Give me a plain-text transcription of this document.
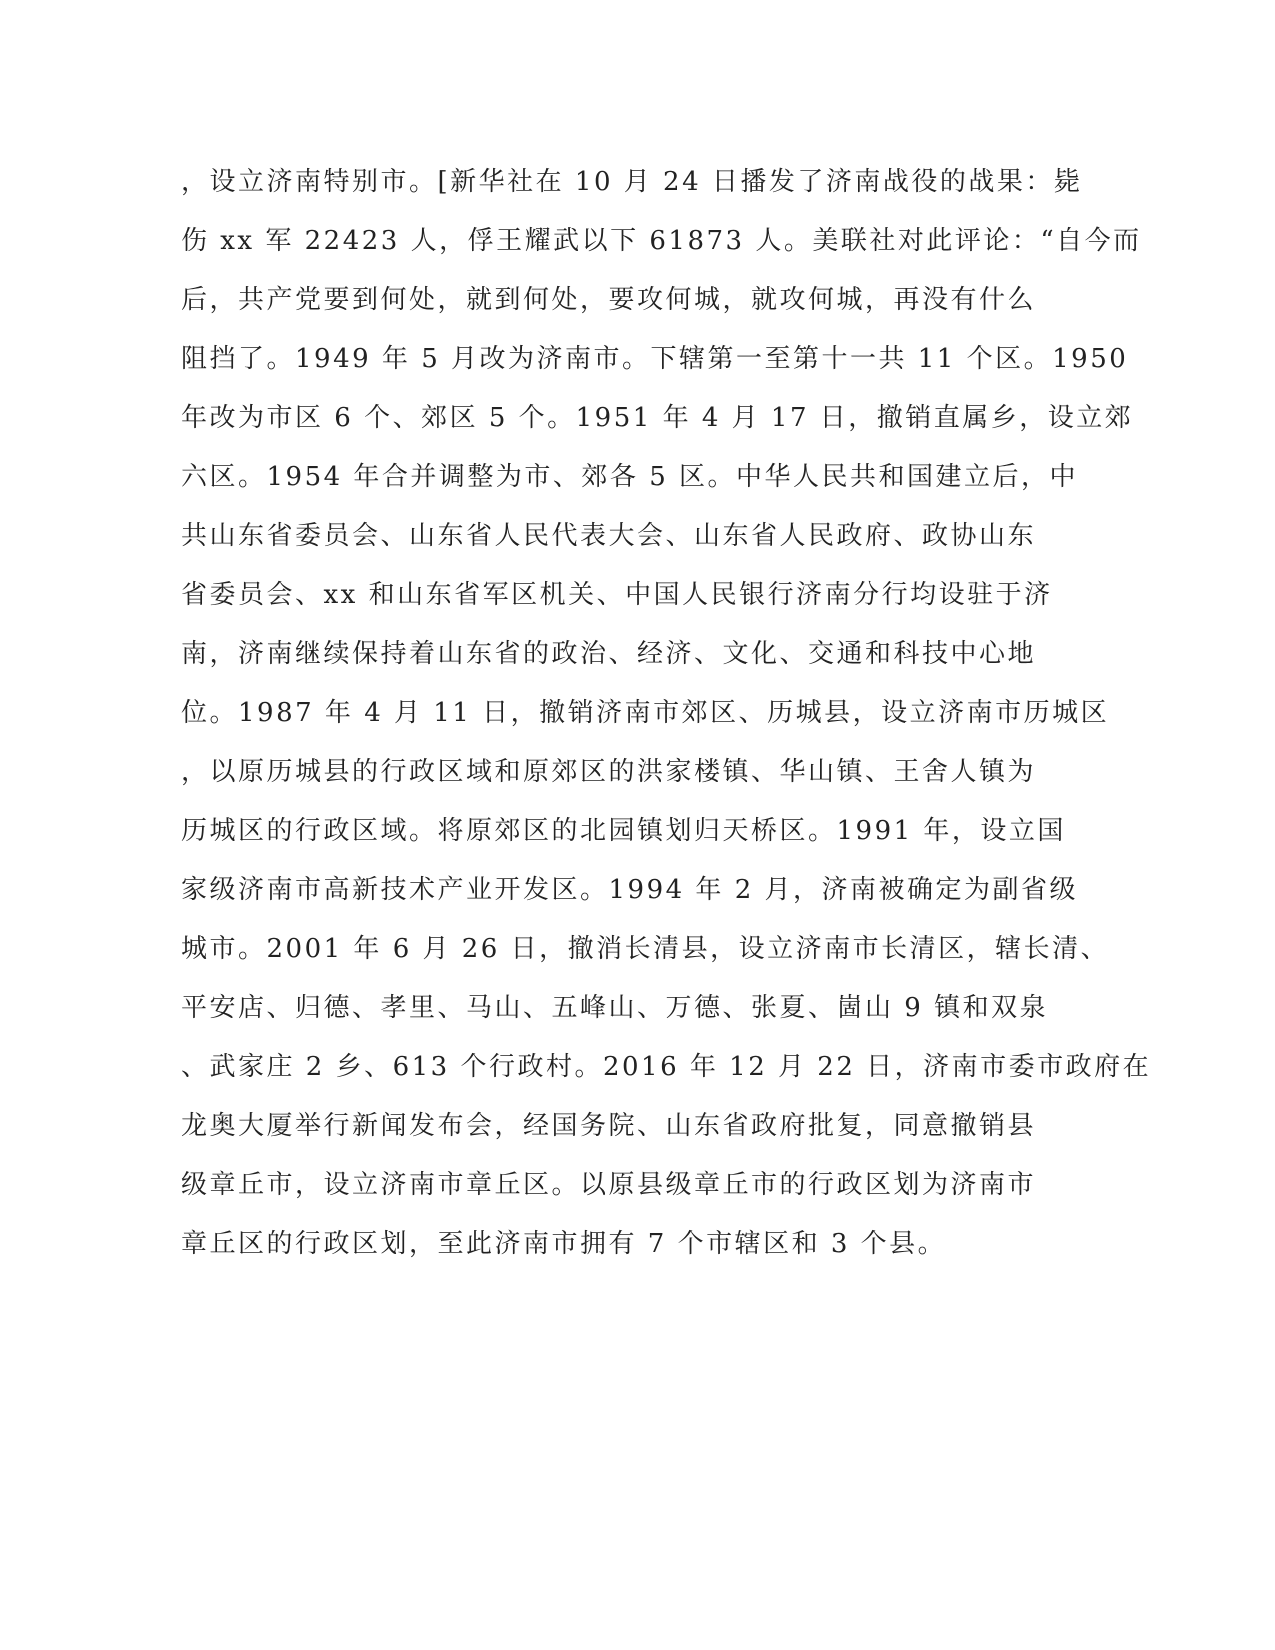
，设立济南特别市。[新华社在 10 月 24 日播发了济南战役的战果：毙
伤 xx 军 22423 人，俘王耀武以下 61873 人。美联社对此评论：“自今而
后，共产党要到何处，就到何处，要攻何城，就攻何城，再没有什么
阻挡了。1949 年 5 月改为济南市。下辖第一至第十一共 11 个区。1950
年改为市区 6 个、郊区 5 个。1951 年 4 月 17 日，撤销直属乡，设立郊
六区。1954 年合并调整为市、郊各 5 区。中华人民共和国建立后，中
共山东省委员会、山东省人民代表大会、山东省人民政府、政协山东
省委员会、xx 和山东省军区机关、中国人民银行济南分行均设驻于济
南，济南继续保持着山东省的政治、经济、文化、交通和科技中心地
位。1987 年 4 月 11 日，撤销济南市郊区、历城县，设立济南市历城区
，以原历城县的行政区域和原郊区的洪家楼镇、华山镇、王舍人镇为
历城区的行政区域。将原郊区的北园镇划归天桥区。1991 年，设立国
家级济南市高新技术产业开发区。1994 年 2 月，济南被确定为副省级
城市。2001 年 6 月 26 日，撤消长清县，设立济南市长清区，辖长清、
平安店、归德、孝里、马山、五峰山、万德、张夏、崮山 9 镇和双泉
、武家庄 2 乡、613 个行政村。2016 年 12 月 22 日，济南市委市政府在
龙奥大厦举行新闻发布会，经国务院、山东省政府批复，同意撤销县
级章丘市，设立济南市章丘区。以原县级章丘市的行政区划为济南市
章丘区的行政区划，至此济南市拥有 7 个市辖区和 3 个县。
